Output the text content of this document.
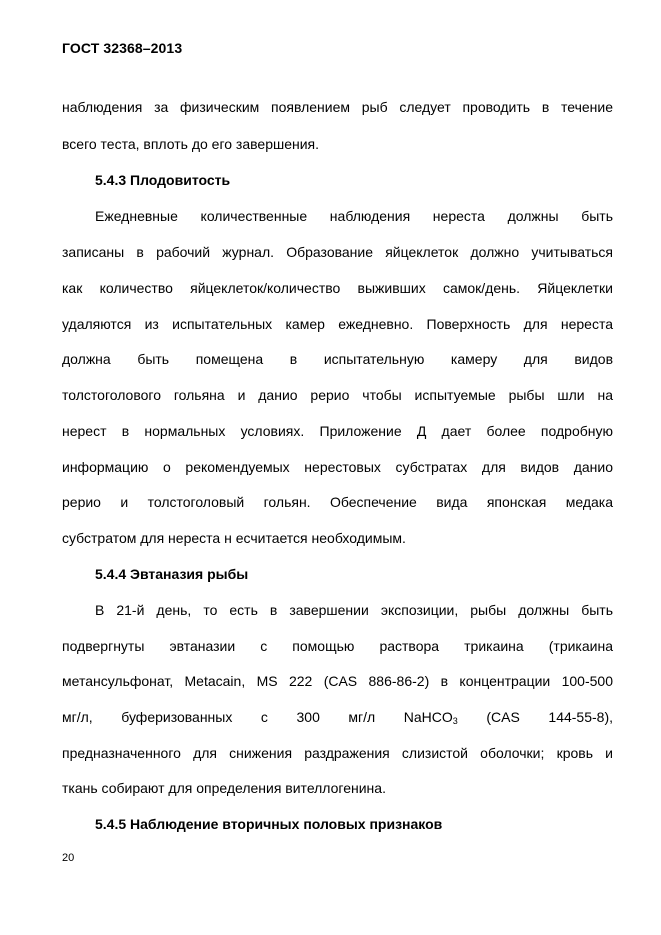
ГОСТ 32368–2013
наблюдения за физическим появлением рыб следует проводить в течение
всего теста, вплоть до его завершения.
5.4.3 Плодовитость
Ежедневные количественные наблюдения нереста должны быть
записаны в рабочий журнал. Образование яйцеклеток должно учитываться
как количество яйцеклеток/количество выживших самок/день. Яйцеклетки
удаляются из испытательных камер ежедневно. Поверхность для нереста
должна быть помещена в испытательную камеру для видов
толстоголового гольяна и данио рерио чтобы испытуемые рыбы шли на
нерест в нормальных условиях. Приложение Д дает более подробную
информацию о рекомендуемых нерестовых субстратах для видов данио
рерио и толстоголовый гольян. Обеспечение вида японская медака
субстратом для нереста н есчитается необходимым.
5.4.4 Эвтаназия рыбы
В 21-й день, то есть в завершении экспозиции, рыбы должны быть
подвергнуты эвтаназии с помощью раствора трикаина (трикаина
метансульфонат, Metacain, MS 222 (CAS 886-86-2) в концентрации 100-500
мг/л, буферизованных с 300 мг/л NaHCO$_3$ (CAS 144-55-8),
предназначенного для снижения раздражения слизистой оболочки; кровь и
ткань собирают для определения вителлогенина.
5.4.5 Наблюдение вторичных половых признаков
20
